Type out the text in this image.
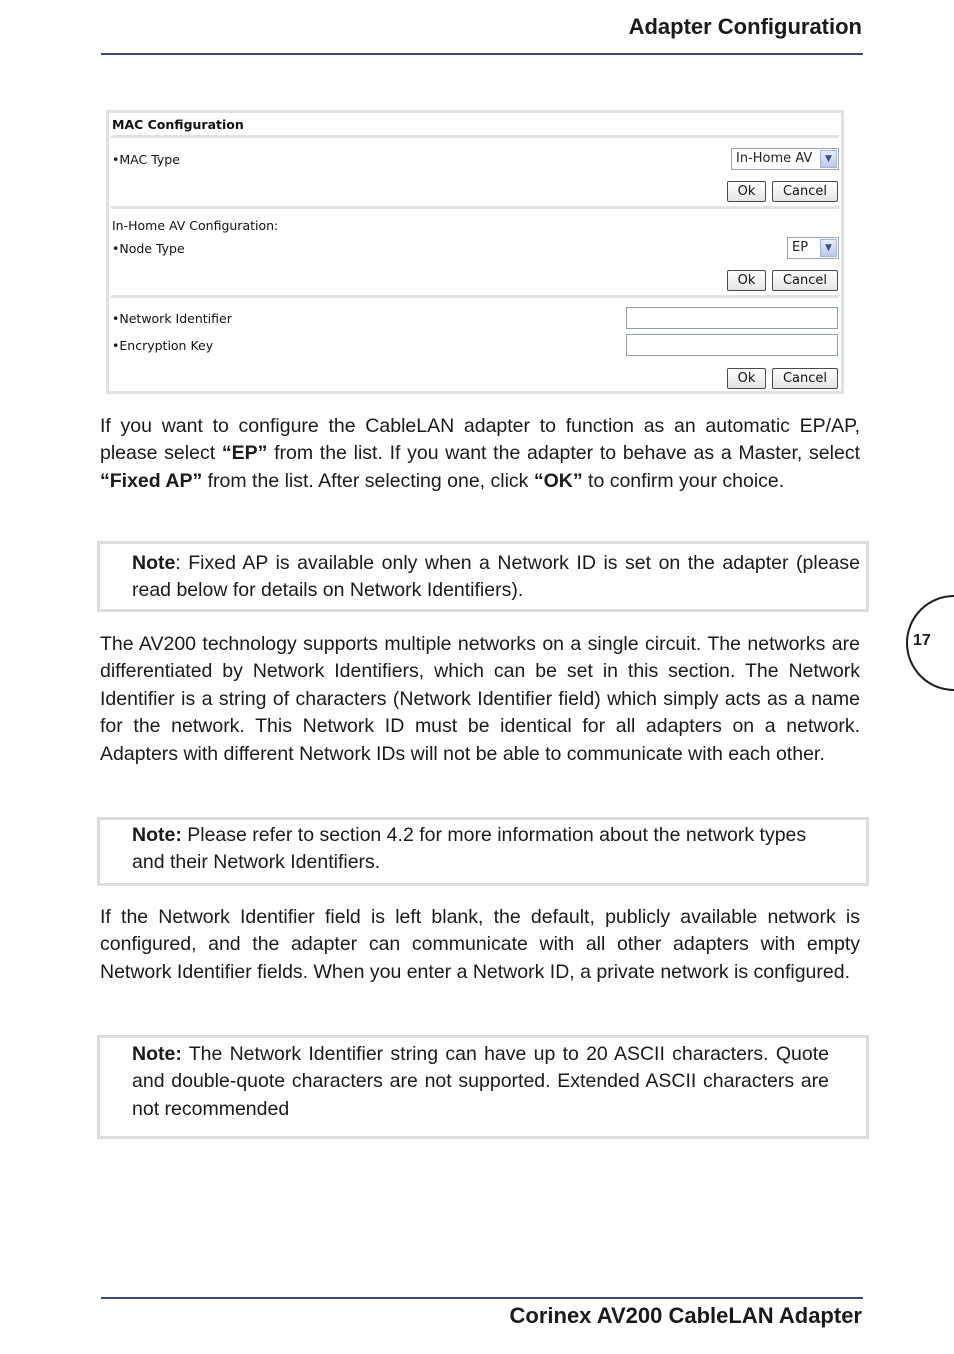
Adapter Configuration
17
MAC Configuration
•MAC Type	In-Home AV	▼
Ok	Cancel
In-Home AV Configuration:
•Node Type	EP	▼
Ok	Cancel
•Network Identifier
•Encryption Key
Ok	Cancel
If you want to configure the CableLAN adapter to function as an automatic EP/AP, please select “EP” from the list. If you want the adapter to behave as a Master, select “Fixed AP” from the list. After selecting one, click “OK” to confirm your choice.
Note: Fixed AP is available only when a Network ID is set on the adapter (please read below for details on Network Identifiers).
The AV200 technology supports multiple networks on a single circuit. The networks are differentiated by Network Identifiers, which can be set in this section. The Network Identifier is a string of characters (Network Identifier field) which simply acts as a name for the network. This Network ID must be identical for all adapters on a network. Adapters with different Network IDs will not be able to communicate with each other.
Note: Please refer to section 4.2 for more information about the network types and their Network Identifiers.
If the Network Identifier field is left blank, the default, publicly available network is configured, and the adapter can communicate with all other adapters with empty Network Identifier fields. When you enter a Network ID, a private network is configured.
Note: The Network Identifier string can have up to 20 ASCII characters. Quote and double-quote characters are not supported. Extended ASCII characters are not recommended
Corinex AV200 CableLAN Adapter
